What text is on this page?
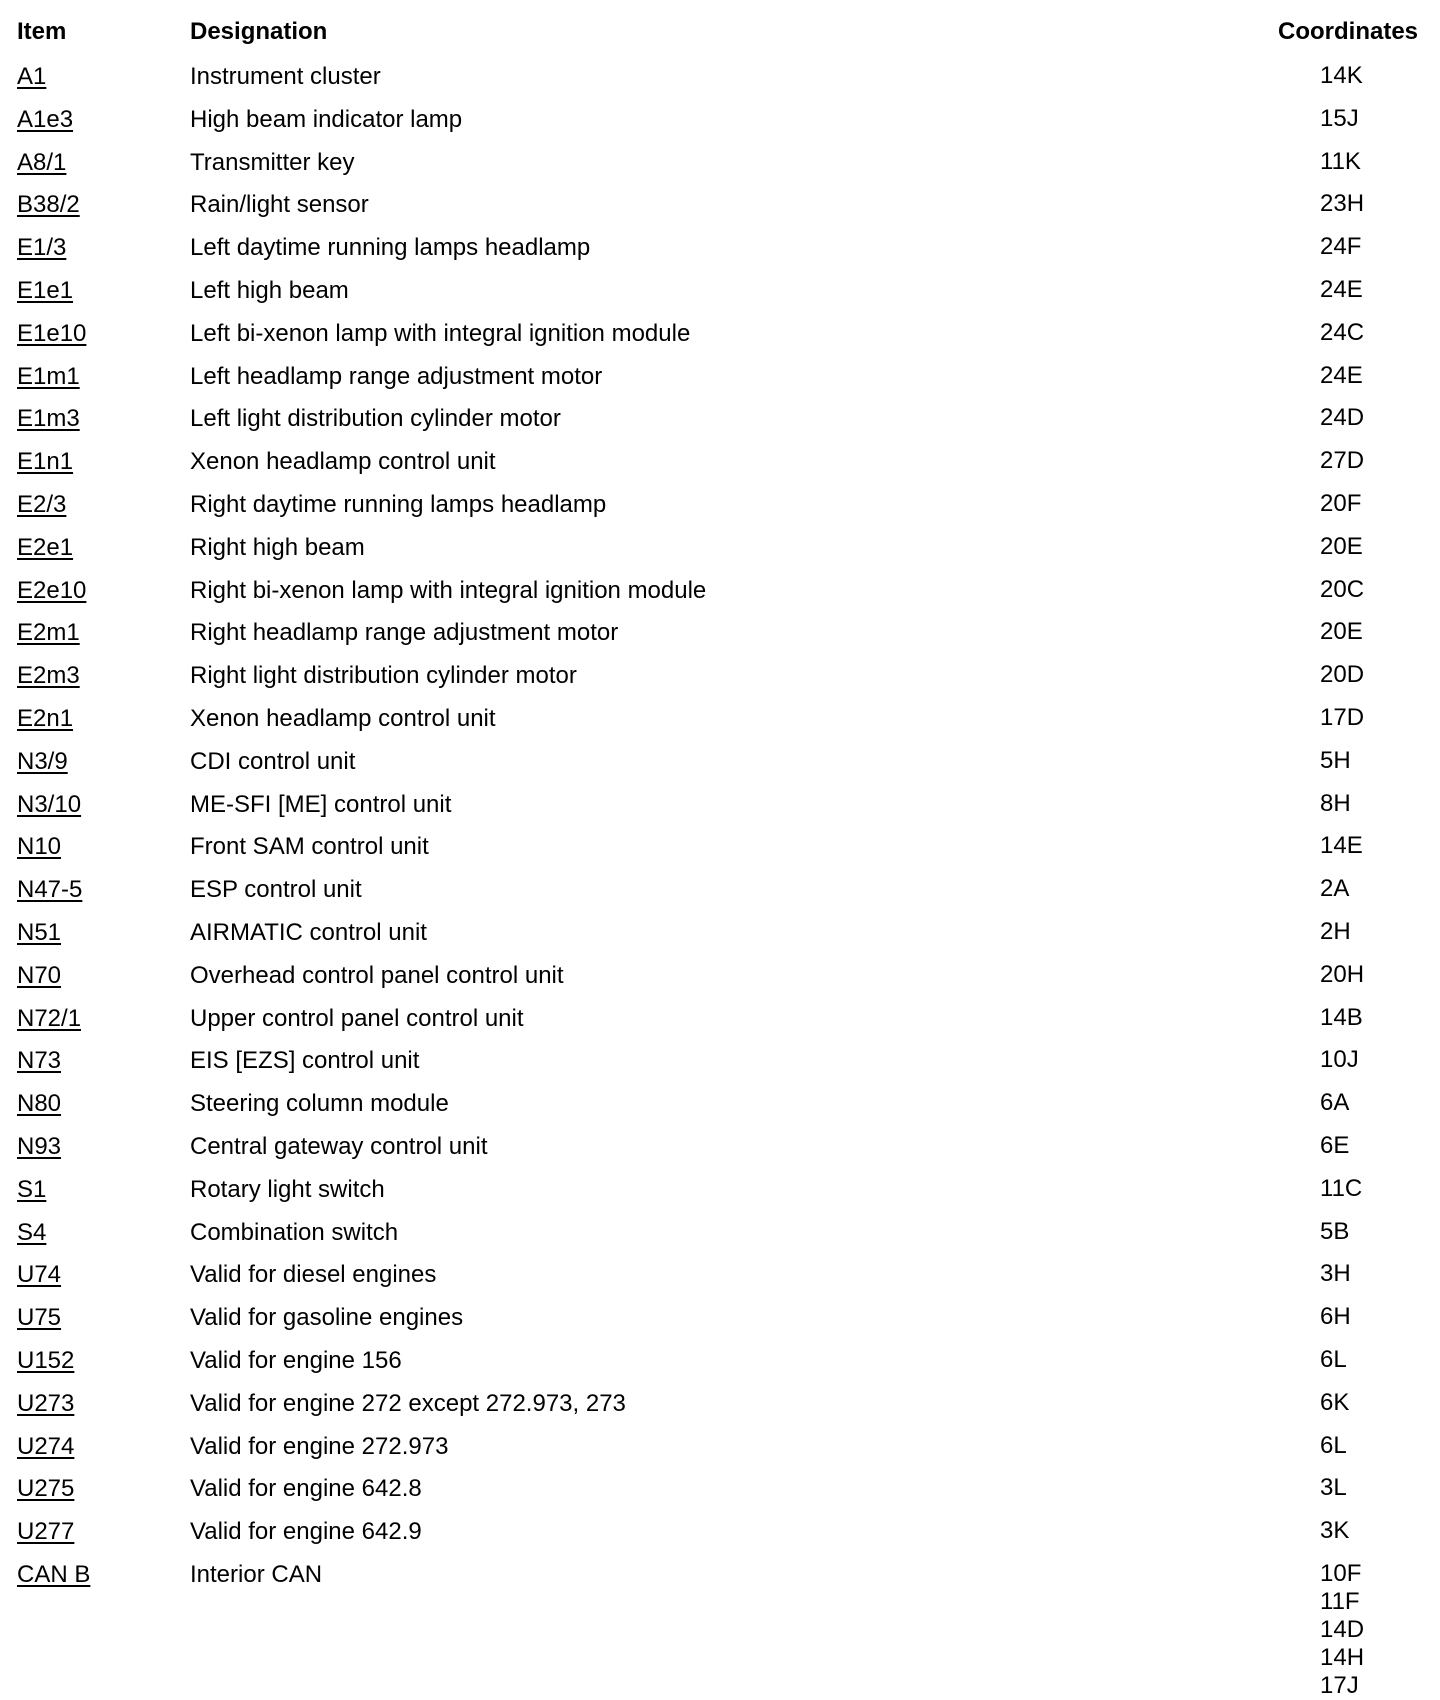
Item	Designation	Coordinates
A1	Instrument cluster	14K
A1e3	High beam indicator lamp	15J
A8/1	Transmitter key	11K
B38/2	Rain/light sensor	23H
E1/3	Left daytime running lamps headlamp	24F
E1e1	Left high beam	24E
E1e10	Left bi-xenon lamp with integral ignition module	24C
E1m1	Left headlamp range adjustment motor	24E
E1m3	Left light distribution cylinder motor	24D
E1n1	Xenon headlamp control unit	27D
E2/3	Right daytime running lamps headlamp	20F
E2e1	Right high beam	20E
E2e10	Right bi-xenon lamp with integral ignition module	20C
E2m1	Right headlamp range adjustment motor	20E
E2m3	Right light distribution cylinder motor	20D
E2n1	Xenon headlamp control unit	17D
N3/9	CDI control unit	5H
N3/10	ME-SFI [ME] control unit	8H
N10	Front SAM control unit	14E
N47-5	ESP control unit	2A
N51	AIRMATIC control unit	2H
N70	Overhead control panel control unit	20H
N72/1	Upper control panel control unit	14B
N73	EIS [EZS] control unit	10J
N80	Steering column module	6A
N93	Central gateway control unit	6E
S1	Rotary light switch	11C
S4	Combination switch	5B
U74	Valid for diesel engines	3H
U75	Valid for gasoline engines	6H
U152	Valid for engine 156	6L
U273	Valid for engine 272 except 272.973, 273	6K
U274	Valid for engine 272.973	6L
U275	Valid for engine 642.8	3L
U277	Valid for engine 642.9	3K
CAN B	Interior CAN	10F
11F
14D
14H
17J
